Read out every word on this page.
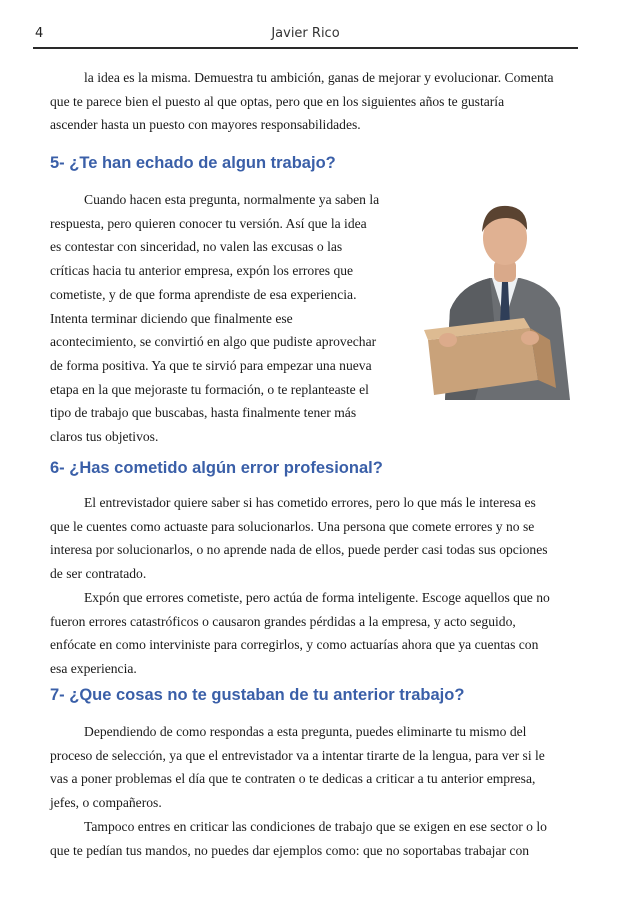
4	Javier Rico
la idea es la misma. Demuestra tu ambición, ganas de mejorar y evolucionar. Comenta
que te parece bien el puesto al que optas, pero que en los siguientes años te gustaría
ascender hasta un puesto con mayores responsabilidades.
5- ¿Te han echado de algun trabajo?
Cuando hacen esta pregunta, normalmente ya saben la
respuesta, pero quieren conocer tu versión. Así que la idea
es contestar con sinceridad, no valen las excusas o las
críticas hacia tu anterior empresa, expón los errores que
cometiste, y de que forma aprendiste de esa experiencia.
Intenta terminar diciendo que finalmente ese
acontecimiento, se convirtió en algo que pudiste aprovechar
de forma positiva. Ya que te sirvió para empezar una nueva
etapa en la que mejoraste tu formación, o te replanteaste el
tipo de trabajo que buscabas, hasta finalmente tener más
claros tus objetivos.
6- ¿Has cometido algún error profesional?
El entrevistador quiere saber si has cometido errores, pero lo que más le interesa es
que le cuentes como actuaste para solucionarlos. Una persona que comete errores y no se
interesa por solucionarlos, o no aprende nada de ellos, puede perder casi todas sus opciones
de ser contratado.
Expón que errores cometiste, pero actúa de forma inteligente. Escoge aquellos que no
fueron errores catastróficos o causaron grandes pérdidas a la empresa, y acto seguido,
enfócate en como interviniste para corregirlos, y como actuarías ahora que ya cuentas con
esa experiencia.
7- ¿Que cosas no te gustaban de tu anterior trabajo?
Dependiendo de como respondas a esta pregunta, puedes eliminarte tu mismo del
proceso de selección, ya que el entrevistador va a intentar tirarte de la lengua, para ver si le
vas a poner problemas el día que te contraten o te dedicas a criticar a tu anterior empresa,
jefes, o compañeros.
Tampoco entres en criticar las condiciones de trabajo que se exigen en ese sector o lo
que te pedían tus mandos, no puedes dar ejemplos como: que no soportabas trabajar con
